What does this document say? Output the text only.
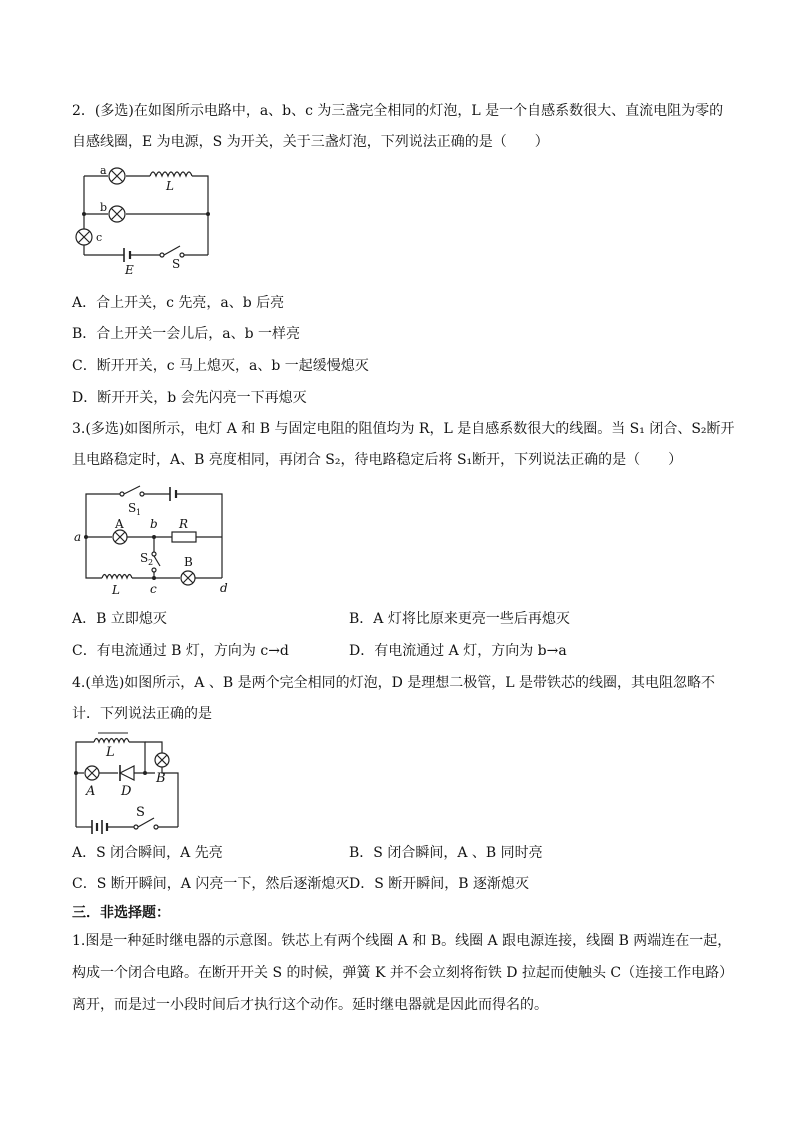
2．(多选)在如图所示电路中，a、b、c 为三盏完全相同的灯泡，L 是一个自感系数很大、直流电阻为零的
自感线圈，E 为电源，S 为开关，关于三盏灯泡，下列说法正确的是（　　）
a
L
b
c
E	S
S 1
a
A b R
S 2
L	c
B
d
L
A D
B
S
A．合上开关，c 先亮，a、b 后亮
B．合上开关一会儿后，a、b 一样亮
C．断开开关，c 马上熄灭，a、b 一起缓慢熄灭
D．断开开关，b 会先闪亮一下再熄灭
3.(多选)如图所示，电灯 A 和 B 与固定电阻的阻值均为 R，L 是自感系数很大的线圈。当 S₁ 闭合、S₂断开
且电路稳定时，A、B 亮度相同，再闭合 S₂，待电路稳定后将 S₁断开，下列说法正确的是（　　）
A．B 立即熄灭	B．A 灯将比原来更亮一些后再熄灭
C．有电流通过 B 灯，方向为 c→d	D．有电流通过 A 灯，方向为 b→a
4.(单选)如图所示，A 、B 是两个完全相同的灯泡，D 是理想二极管，L 是带铁芯的线圈，其电阻忽略不
计．下列说法正确的是
A．S 闭合瞬间，A 先亮	B．S 闭合瞬间，A 、B 同时亮
C．S 断开瞬间，A 闪亮一下，然后逐渐熄灭 D．S 断开瞬间，B 逐渐熄灭
三．非选择题：
1.图是一种延时继电器的示意图。铁芯上有两个线圈 A 和 B。线圈 A 跟电源连接，线圈 B 两端连在一起，
构成一个闭合电路。在断开开关 S 的时候，弹簧 K 并不会立刻将衔铁 D 拉起而使触头 C（连接工作电路）
离开，而是过一小段时间后才执行这个动作。延时继电器就是因此而得名的。
